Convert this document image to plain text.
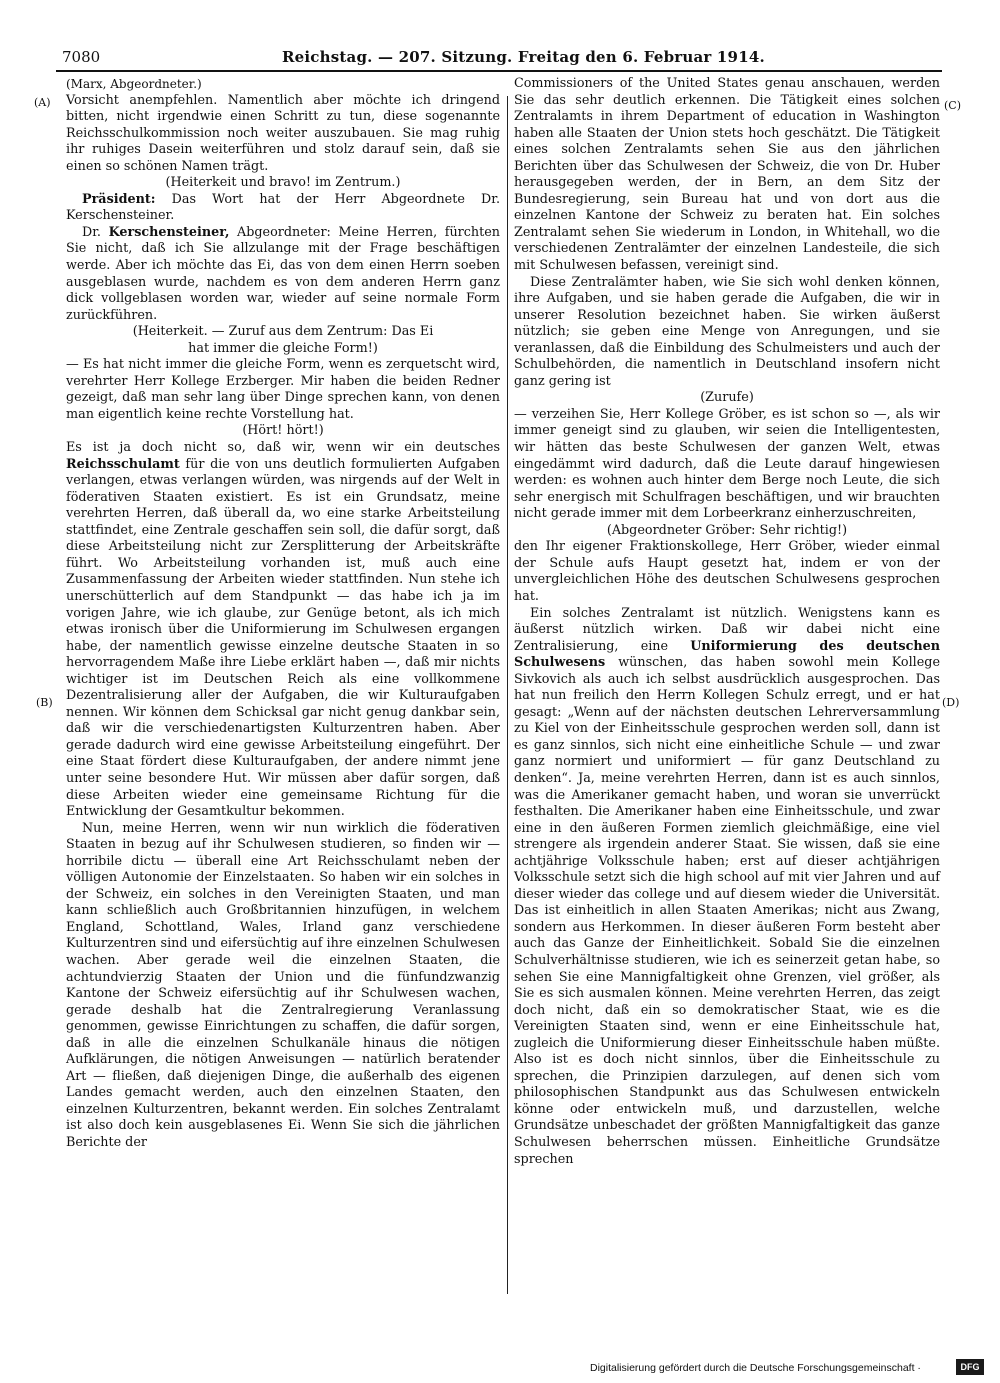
7080	Reichstag. — 207. Sitzung. Freitag den 6. Februar 1914.
(A)
(B)
(C)
(D)

(Marx, Abgeordneter.)

Vorsicht anempfehlen. Namentlich aber möchte ich dringend bitten, nicht irgendwie einen Schritt zu tun, diese sogenannte Reichsschulkommission noch weiter auszubauen. Sie mag ruhig ihr ruhiges Dasein weiterführen und stolz darauf sein, daß sie einen so schönen Namen trägt.

(Heiterkeit und bravo! im Zentrum.)

Präsident: Das Wort hat der Herr Abgeordnete Dr. Kerschensteiner.

Dr. Kerschensteiner, Abgeordneter: Meine Herren, fürchten Sie nicht, daß ich Sie allzulange mit der Frage beschäftigen werde. Aber ich möchte das Ei, das von dem einen Herrn soeben ausgeblasen wurde, nachdem es von dem anderen Herrn ganz dick vollgeblasen worden war, wieder auf seine normale Form zurückführen.

(Heiterkeit. — Zuruf aus dem Zentrum: Das Ei

hat immer die gleiche Form!)

— Es hat nicht immer die gleiche Form, wenn es zerquetscht wird, verehrter Herr Kollege Erzberger. Mir haben die beiden Redner gezeigt, daß man sehr lang über Dinge sprechen kann, von denen man eigentlich keine rechte Vorstellung hat.

(Hört! hört!)

Es ist ja doch nicht so, daß wir, wenn wir ein deutsches Reichsschulamt für die von uns deutlich formulierten Aufgaben verlangen, etwas verlangen würden, was nirgends auf der Welt in föderativen Staaten existiert. Es ist ein Grundsatz, meine verehrten Herren, daß überall da, wo eine starke Arbeitsteilung stattfindet, eine Zentrale geschaffen sein soll, die dafür sorgt, daß diese Arbeitsteilung nicht zur Zersplitterung der Arbeitskräfte führt. Wo Arbeitsteilung vorhanden ist, muß auch eine Zusammenfassung der Arbeiten wieder stattfinden. Nun stehe ich unerschütterlich auf dem Standpunkt — das habe ich ja im vorigen Jahre, wie ich glaube, zur Genüge betont, als ich mich etwas ironisch über die Uniformierung im Schulwesen ergangen habe, der namentlich gewisse einzelne deutsche Staaten in so hervorragendem Maße ihre Liebe erklärt haben —, daß mir nichts wichtiger ist im Deutschen Reich als eine vollkommene Dezentralisierung aller der Aufgaben, die wir Kulturaufgaben nennen. Wir können dem Schicksal gar nicht genug dankbar sein, daß wir die verschiedenartigsten Kulturzentren haben. Aber gerade dadurch wird eine gewisse Arbeitsteilung eingeführt. Der eine Staat fördert diese Kulturaufgaben, der andere nimmt jene unter seine besondere Hut. Wir müssen aber dafür sorgen, daß diese Arbeiten wieder eine gemeinsame Richtung für die Entwicklung der Gesamtkultur bekommen.

Nun, meine Herren, wenn wir nun wirklich die föderativen Staaten in bezug auf ihr Schulwesen studieren, so finden wir — horribile dictu — überall eine Art Reichsschulamt neben der völligen Autonomie der Einzelstaaten. So haben wir ein solches in der Schweiz, ein solches in den Vereinigten Staaten, und man kann schließlich auch Großbritannien hinzufügen, in welchem England, Schottland, Wales, Irland ganz verschiedene Kulturzentren sind und eifersüchtig auf ihre einzelnen Schulwesen wachen. Aber gerade weil die einzelnen Staaten, die achtundvierzig Staaten der Union und die fünfundzwanzig Kantone der Schweiz eifersüchtig auf ihr Schulwesen wachen, gerade deshalb hat die Zentralregierung Veranlassung genommen, gewisse Einrichtungen zu schaffen, die dafür sorgen, daß in alle die einzelnen Schulkanäle hinaus die nötigen Aufklärungen, die nötigen Anweisungen — natürlich beratender Art — fließen, daß diejenigen Dinge, die außerhalb des eigenen Landes gemacht werden, auch den einzelnen Staaten, den einzelnen Kulturzentren, bekannt werden. Ein solches Zentralamt ist also doch kein ausgeblasenes Ei. Wenn Sie sich die jährlichen Berichte der

Commissioners of the United States genau anschauen, werden Sie das sehr deutlich erkennen. Die Tätigkeit eines solchen Zentralamts in ihrem Department of education in Washington haben alle Staaten der Union stets hoch geschätzt. Die Tätigkeit eines solchen Zentralamts sehen Sie aus den jährlichen Berichten über das Schulwesen der Schweiz, die von Dr. Huber herausgegeben werden, der in Bern, an dem Sitz der Bundesregierung, sein Bureau hat und von dort aus die einzelnen Kantone der Schweiz zu beraten hat. Ein solches Zentralamt sehen Sie wiederum in London, in Whitehall, wo die verschiedenen Zentralämter der einzelnen Landesteile, die sich mit Schulwesen befassen, vereinigt sind.

Diese Zentralämter haben, wie Sie sich wohl denken können, ihre Aufgaben, und sie haben gerade die Aufgaben, die wir in unserer Resolution bezeichnet haben. Sie wirken äußerst nützlich; sie geben eine Menge von Anregungen, und sie veranlassen, daß die Einbildung des Schulmeisters und auch der Schulbehörden, die namentlich in Deutschland insofern nicht ganz gering ist

(Zurufe)

— verzeihen Sie, Herr Kollege Gröber, es ist schon so —, als wir immer geneigt sind zu glauben, wir seien die Intelligentesten, wir hätten das beste Schulwesen der ganzen Welt, etwas eingedämmt wird dadurch, daß die Leute darauf hingewiesen werden: es wohnen auch hinter dem Berge noch Leute, die sich sehr energisch mit Schulfragen beschäftigen, und wir brauchten nicht gerade immer mit dem Lorbeerkranz einherzuschreiten,

(Abgeordneter Gröber: Sehr richtig!)

den Ihr eigener Fraktionskollege, Herr Gröber, wieder einmal der Schule aufs Haupt gesetzt hat, indem er von der unvergleichlichen Höhe des deutschen Schulwesens gesprochen hat.

Ein solches Zentralamt ist nützlich. Wenigstens kann es äußerst nützlich wirken. Daß wir dabei nicht eine Zentralisierung, eine Uniformierung des deutschen Schulwesens wünschen, das haben sowohl mein Kollege Sivkovich als auch ich selbst ausdrücklich ausgesprochen. Das hat nun freilich den Herrn Kollegen Schulz erregt, und er hat gesagt: „Wenn auf der nächsten deutschen Lehrerversammlung zu Kiel von der Einheitsschule gesprochen werden soll, dann ist es ganz sinnlos, sich nicht eine einheitliche Schule — und zwar ganz normiert und uniformiert — für ganz Deutschland zu denken“. Ja, meine verehrten Herren, dann ist es auch sinnlos, was die Amerikaner gemacht haben, und woran sie unverrückt festhalten. Die Amerikaner haben eine Einheitsschule, und zwar eine in den äußeren Formen ziemlich gleichmäßige, eine viel strengere als irgendein anderer Staat. Sie wissen, daß sie eine achtjährige Volksschule haben; erst auf dieser achtjährigen Volksschule setzt sich die high school auf mit vier Jahren und auf dieser wieder das college und auf diesem wieder die Universität. Das ist einheitlich in allen Staaten Amerikas; nicht aus Zwang, sondern aus Herkommen. In dieser äußeren Form besteht aber auch das Ganze der Einheitlichkeit. Sobald Sie die einzelnen Schulverhältnisse studieren, wie ich es seinerzeit getan habe, so sehen Sie eine Mannigfaltigkeit ohne Grenzen, viel größer, als Sie es sich ausmalen können. Meine verehrten Herren, das zeigt doch nicht, daß ein so demokratischer Staat, wie es die Vereinigten Staaten sind, wenn er eine Einheitsschule hat, zugleich die Uniformierung dieser Einheitsschule haben müßte. Also ist es doch nicht sinnlos, über die Einheitsschule zu sprechen, die Prinzipien darzulegen, auf denen sich vom philosophischen Standpunkt aus das Schulwesen entwickeln könne oder entwickeln muß, und darzustellen, welche Grundsätze unbeschadet der größten Mannigfaltigkeit das ganze Schulwesen beherrschen müssen. Einheitliche Grundsätze sprechen

Digitalisierung gefördert durch die Deutsche Forschungsgemeinschaft ·	DFG
